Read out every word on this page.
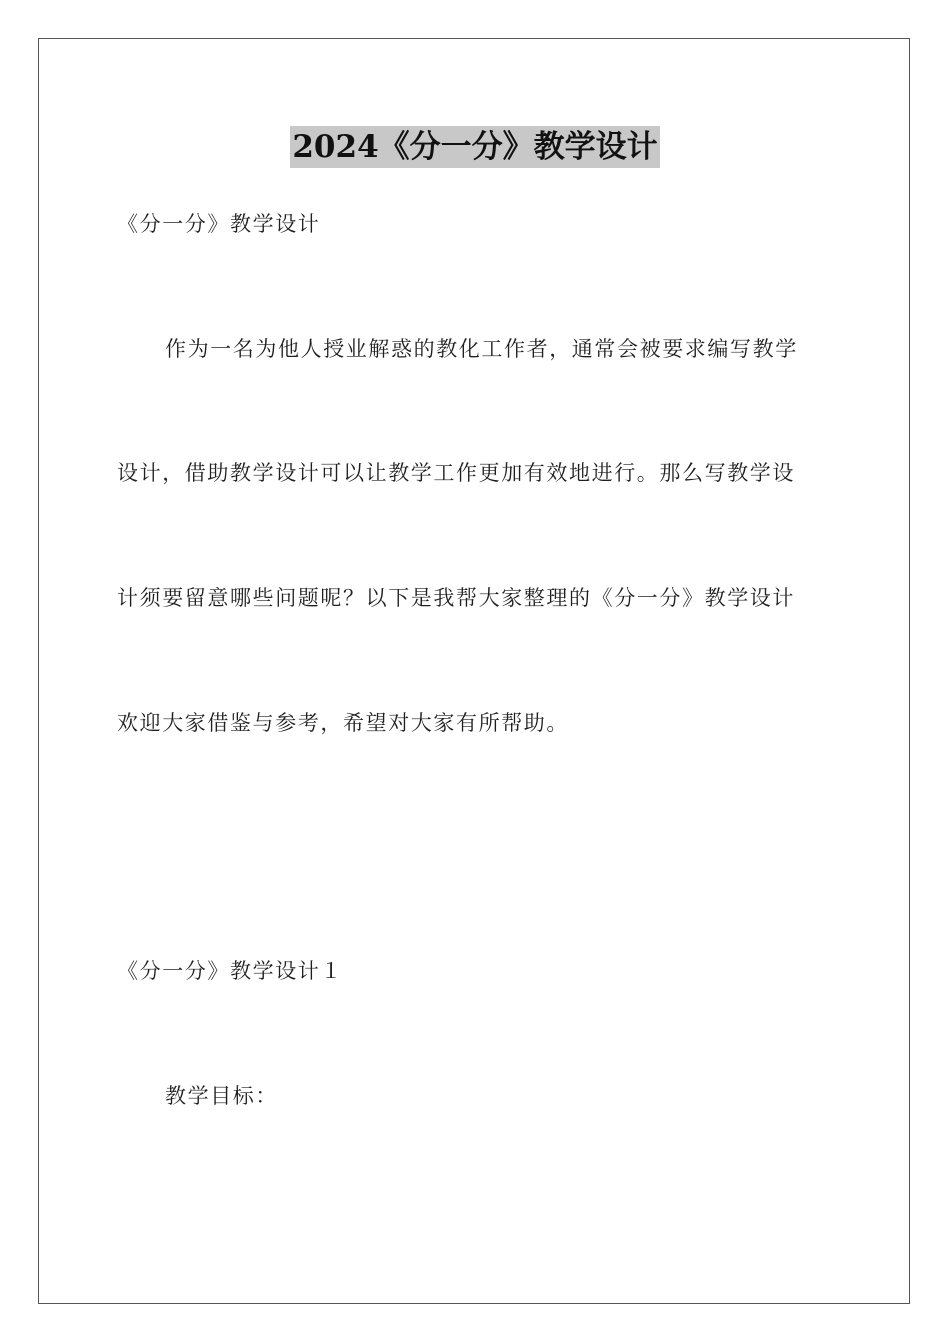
2024《分一分》教学设计
《分一分》教学设计
作为一名为他人授业解惑的教化工作者，通常会被要求编写教学
设计，借助教学设计可以让教学工作更加有效地进行。那么写教学设
计须要留意哪些问题呢？以下是我帮大家整理的《分一分》教学设计
欢迎大家借鉴与参考，希望对大家有所帮助。
《分一分》教学设计１
教学目标：
